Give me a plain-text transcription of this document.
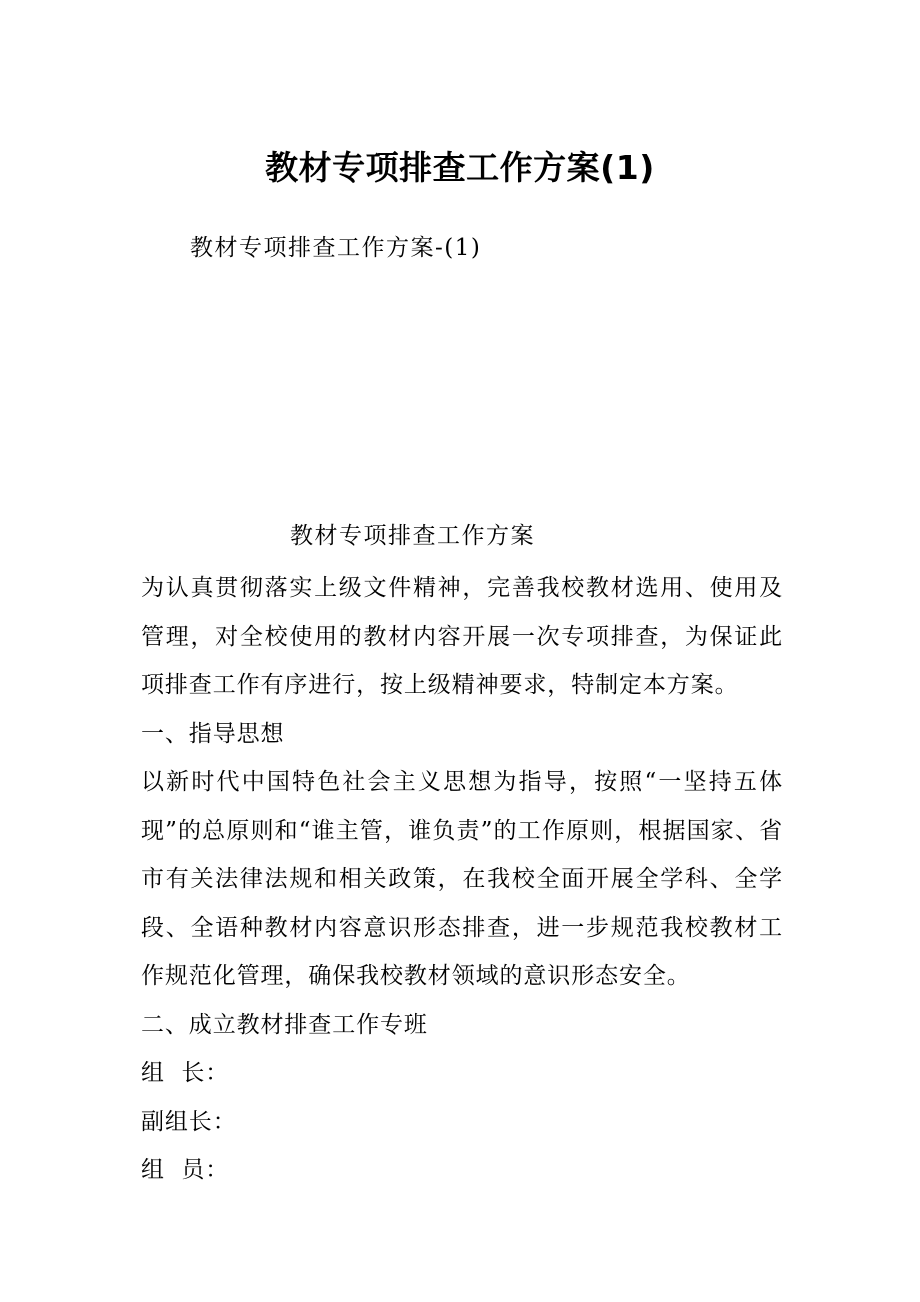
教材专项排查工作方案(1)
教材专项排查工作方案-(1)
教材专项排查工作方案

为认真贯彻落实上级文件精神，完善我校教材选用、使用及管理，对全校使用的教材内容开展一次专项排查，为保证此项排查工作有序进行，按上级精神要求，特制定本方案。

一、指导思想

以新时代中国特色社会主义思想为指导，按照“一坚持五体现”的总原则和“谁主管，谁负责”的工作原则，根据国家、省市有关法律法规和相关政策，在我校全面开展全学科、全学段、全语种教材内容意识形态排查，进一步规范我校教材工作规范化管理，确保我校教材领域的意识形态安全。

二、成立教材排查工作专班

组  长：

副组长：

组  员：
